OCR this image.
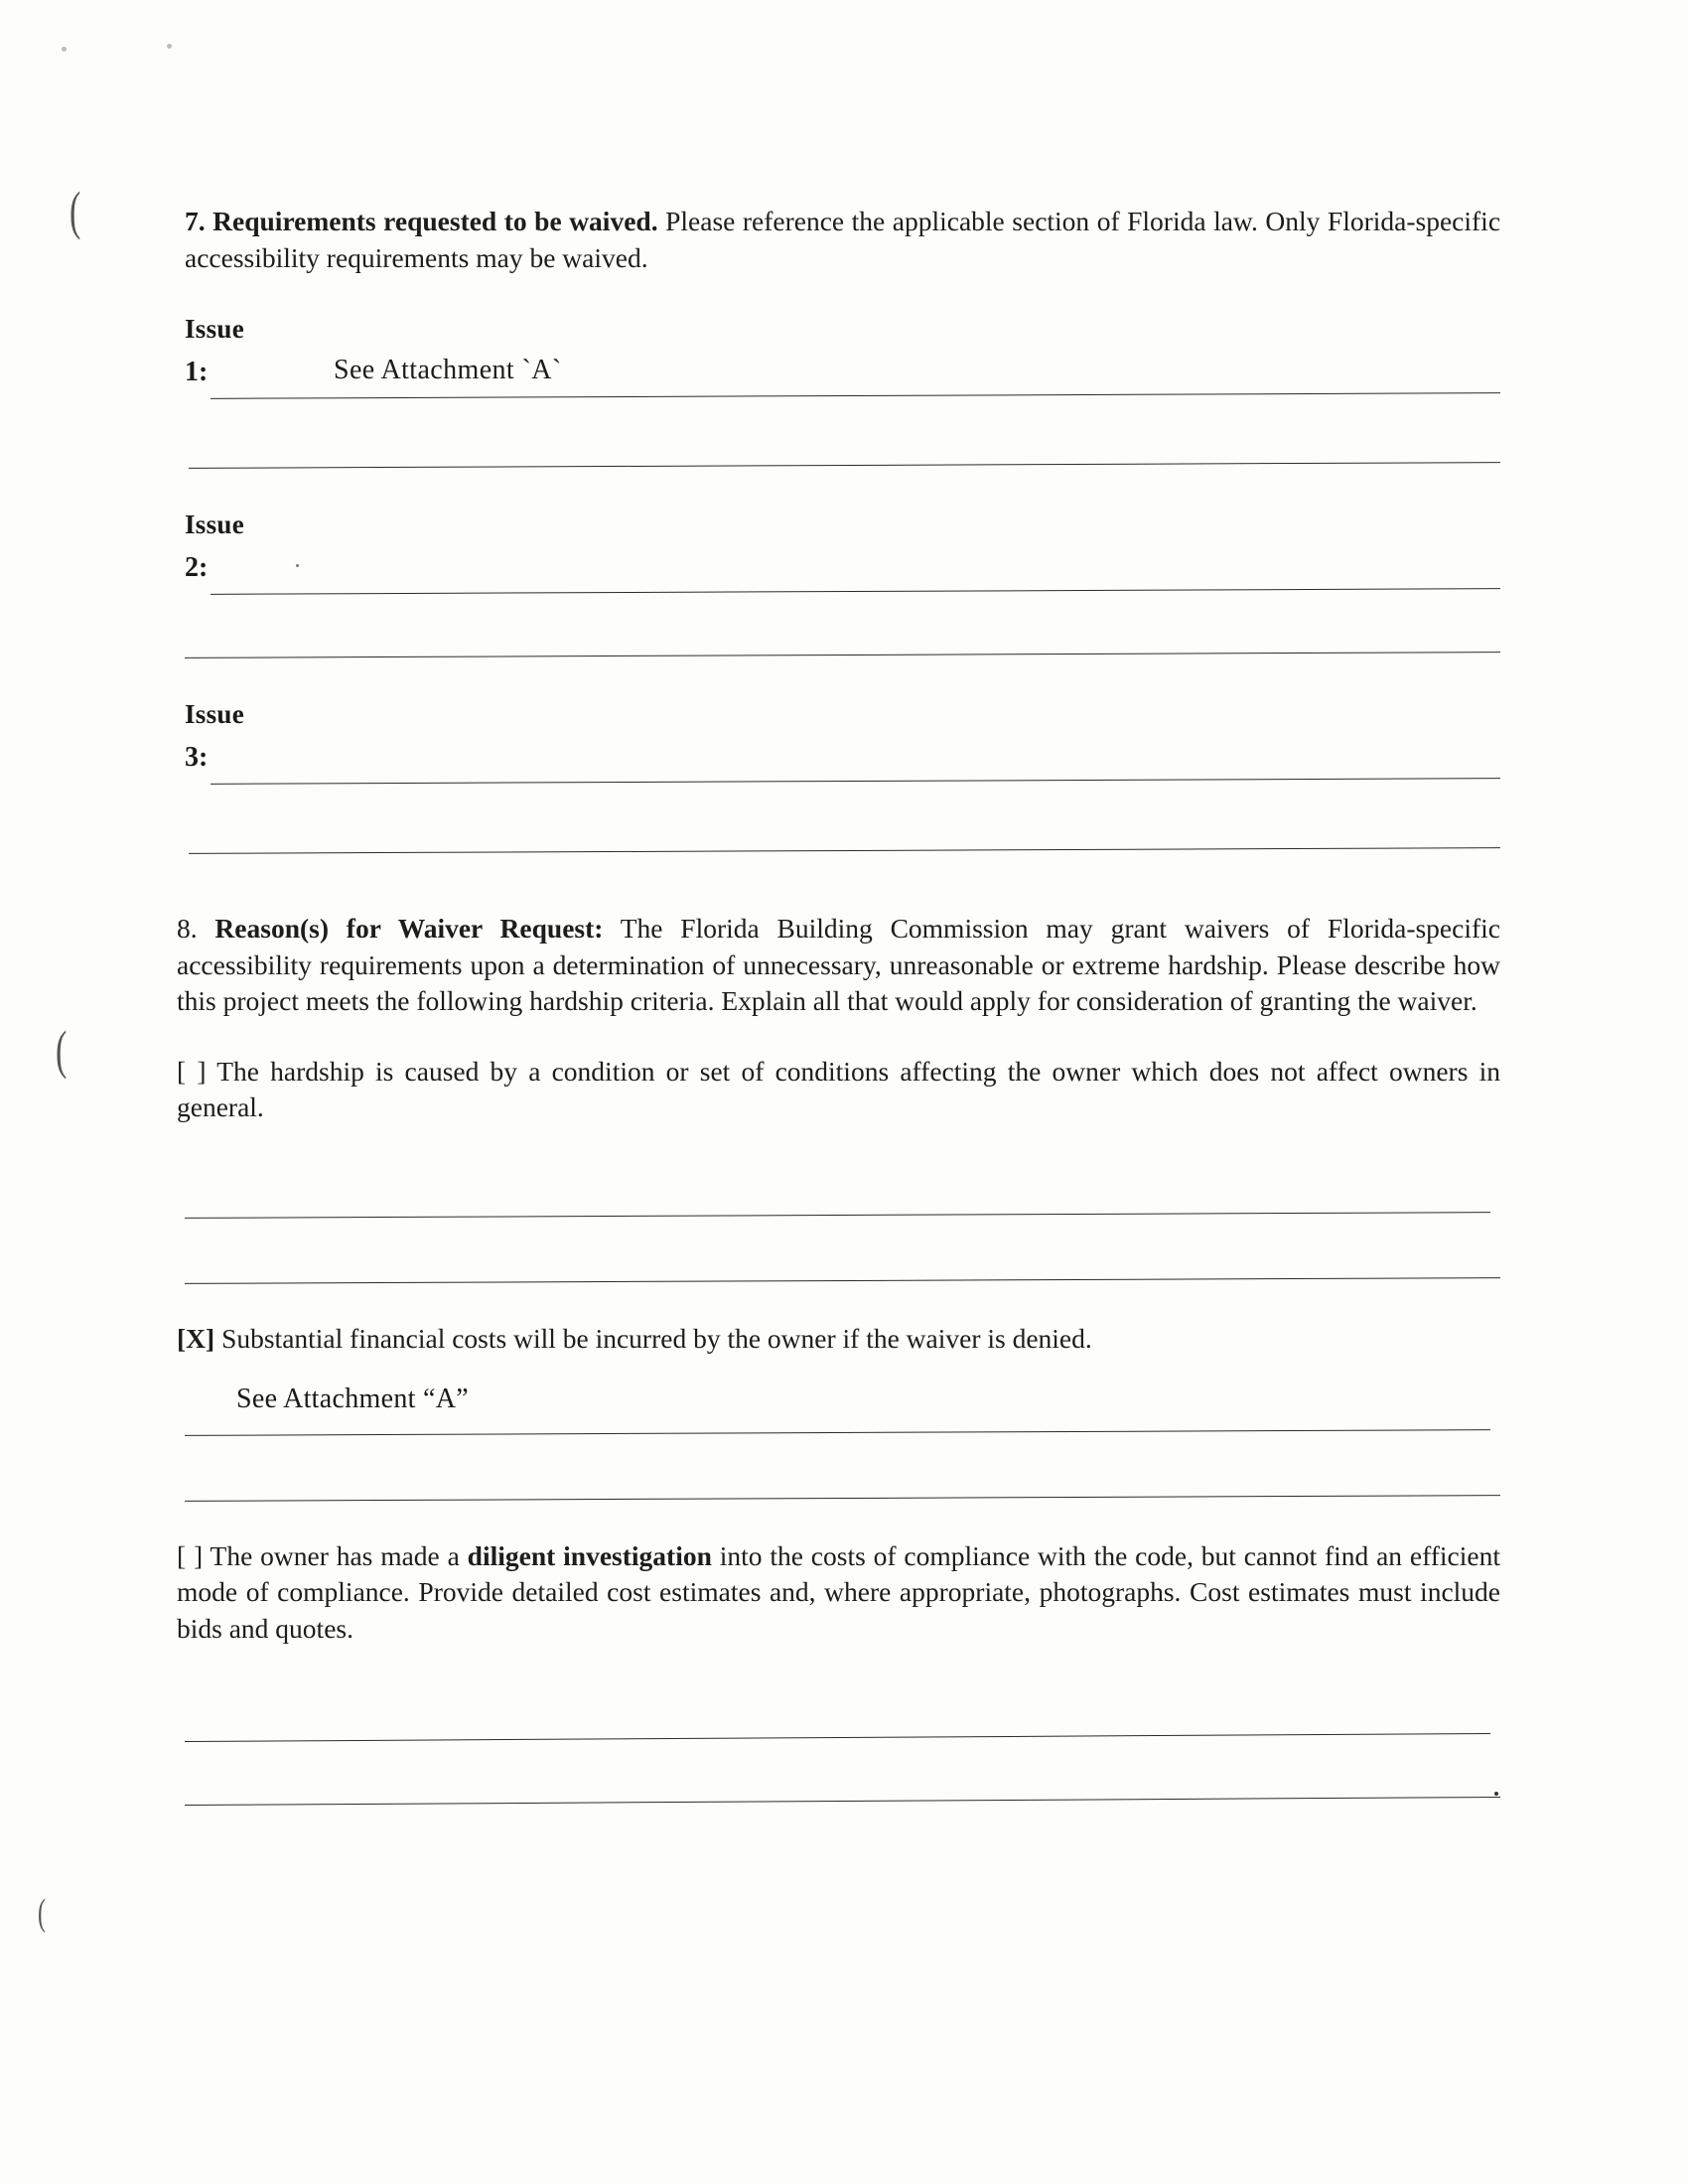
(
(
(

7. Requirements requested to be waived. Please reference the applicable section of Florida law. Only Florida-specific accessibility requirements may be waived.

Issue
1:	See Attachment `A`
Issue
2:
Issue
3:

8. Reason(s) for Waiver Request: The Florida Building Commission may grant waivers of Florida-specific accessibility requirements upon a determination of unnecessary, unreasonable or extreme hardship. Please describe how this project meets the following hardship criteria. Explain all that would apply for consideration of granting the waiver.

[ ] The hardship is caused by a condition or set of conditions affecting the owner which does not affect owners in general.

[X] Substantial financial costs will be incurred by the owner if the waiver is denied.

See Attachment “A”

[ ] The owner has made a diligent investigation into the costs of compliance with the code, but cannot find an efficient mode of compliance. Provide detailed cost estimates and, where appropriate, photographs. Cost estimates must include bids and quotes.
